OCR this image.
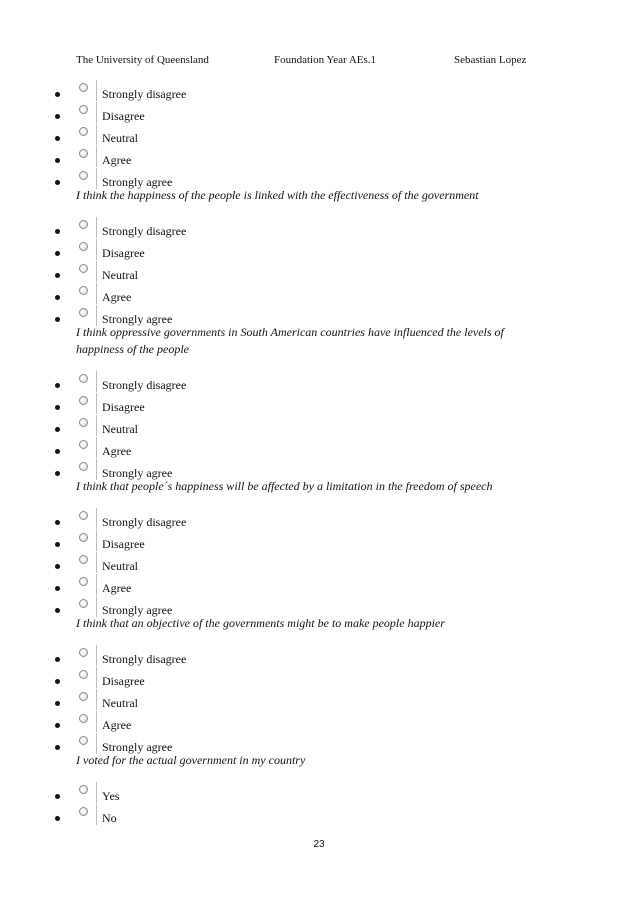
The University of Queensland	Foundation Year AEs.1	Sebastian Lopez
Strongly disagree
Disagree
Neutral
Agree
Strongly agree
I think the happiness of the people is linked with the effectiveness of the government
Strongly disagree
Disagree
Neutral
Agree
Strongly agree
I think oppressive governments in South American countries have influenced the levels of happiness of the people
Strongly disagree
Disagree
Neutral
Agree
Strongly agree
I think that people´s happiness will be affected by a limitation in the freedom of speech
Strongly disagree
Disagree
Neutral
Agree
Strongly agree
I think that an objective of the governments might be to make people happier
Strongly disagree
Disagree
Neutral
Agree
Strongly agree
I voted for the actual government in my country
Yes
No
23
